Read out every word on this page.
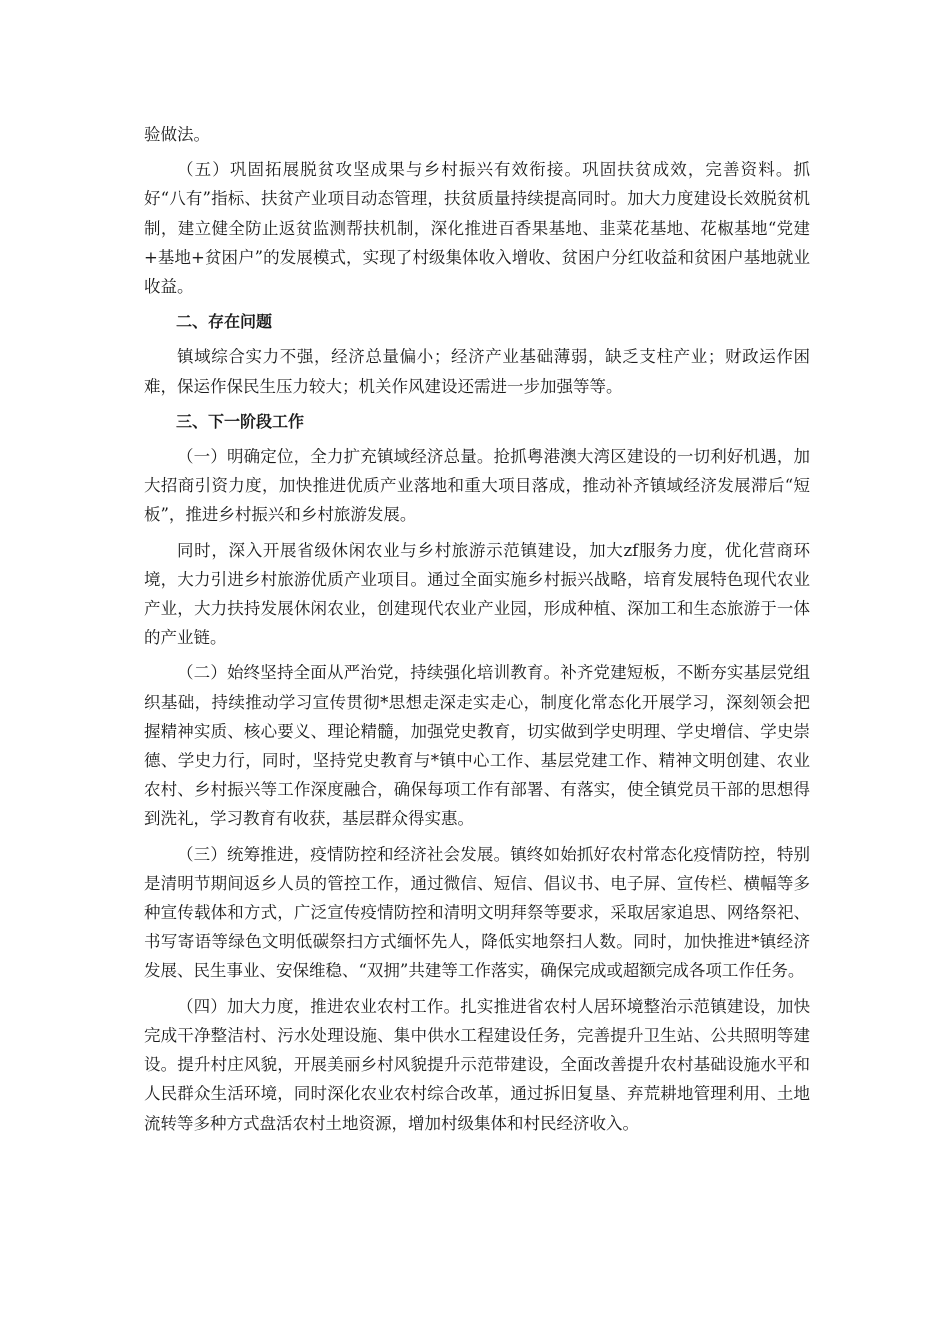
验做法。

（五）巩固拓展脱贫攻坚成果与乡村振兴有效衔接。巩固扶贫成效，完善资料。抓好“八有”指标、扶贫产业项目动态管理，扶贫质量持续提高同时。加大力度建设长效脱贫机制，建立健全防止返贫监测帮扶机制，深化推进百香果基地、韭菜花基地、花椒基地“党建+基地+贫困户”的发展模式，实现了村级集体收入增收、贫困户分红收益和贫困户基地就业收益。

二、存在问题

镇域综合实力不强，经济总量偏小；经济产业基础薄弱，缺乏支柱产业；财政运作困难，保运作保民生压力较大；机关作风建设还需进一步加强等等。

三、下一阶段工作

（一）明确定位，全力扩充镇域经济总量。抢抓粤港澳大湾区建设的一切利好机遇，加大招商引资力度，加快推进优质产业落地和重大项目落成，推动补齐镇域经济发展滞后“短板”，推进乡村振兴和乡村旅游发展。

同时，深入开展省级休闲农业与乡村旅游示范镇建设，加大zf服务力度，优化营商环境，大力引进乡村旅游优质产业项目。通过全面实施乡村振兴战略，培育发展特色现代农业产业，大力扶持发展休闲农业，创建现代农业产业园，形成种植、深加工和生态旅游于一体的产业链。

（二）始终坚持全面从严治党，持续强化培训教育。补齐党建短板，不断夯实基层党组织基础，持续推动学习宣传贯彻*思想走深走实走心，制度化常态化开展学习，深刻领会把握精神实质、核心要义、理论精髓，加强党史教育，切实做到学史明理、学史增信、学史崇德、学史力行，同时，坚持党史教育与*镇中心工作、基层党建工作、精神文明创建、农业农村、乡村振兴等工作深度融合，确保每项工作有部署、有落实，使全镇党员干部的思想得到洗礼，学习教育有收获，基层群众得实惠。

（三）统筹推进，疫情防控和经济社会发展。镇终如始抓好农村常态化疫情防控，特别是清明节期间返乡人员的管控工作，通过微信、短信、倡议书、电子屏、宣传栏、横幅等多种宣传载体和方式，广泛宣传疫情防控和清明文明拜祭等要求，采取居家追思、网络祭祀、书写寄语等绿色文明低碳祭扫方式缅怀先人，降低实地祭扫人数。同时，加快推进*镇经济发展、民生事业、安保维稳、“双拥”共建等工作落实，确保完成或超额完成各项工作任务。

（四）加大力度，推进农业农村工作。扎实推进省农村人居环境整治示范镇建设，加快完成干净整洁村、污水处理设施、集中供水工程建设任务，完善提升卫生站、公共照明等建设。提升村庄风貌，开展美丽乡村风貌提升示范带建设，全面改善提升农村基础设施水平和人民群众生活环境，同时深化农业农村综合改革，通过拆旧复垦、弃荒耕地管理利用、土地流转等多种方式盘活农村土地资源，增加村级集体和村民经济收入。
